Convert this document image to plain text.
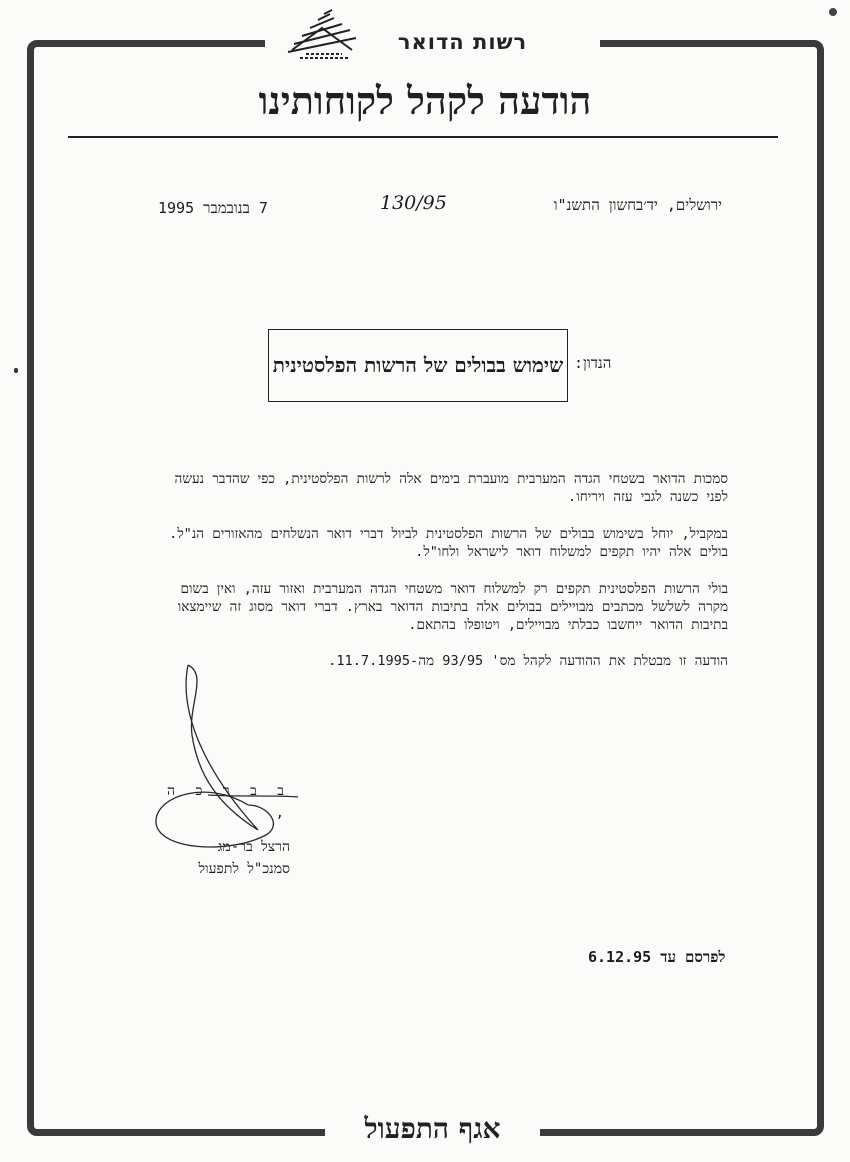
רשות הדואר
הודעה לקהל לקוחותינו
ירושלים, יד׳בחשון התשנ"ו
130/95
7 בנובמבר 1995
הנדון:
שימוש בבולים של הרשות הפלסטינית

סמכות הדואר בשטחי הגדה המערבית מועברת בימים אלה לרשות הפלסטינית, כפי שהדבר נעשה לפני כשנה לגבי עזה ויריחו.

במקביל, יוחל בשימוש בבולים של הרשות הפלסטינית לביול דברי דואר הנשלחים מהאזורים הנ"ל. בולים אלה יהיו תקפים למשלוח דואר לישראל ולחו"ל.

בולי הרשות הפלסטינית תקפים רק למשלוח דואר משטחי הגדה המערבית ואזור עזה, ואין בשום מקרה לשלשל מכתבים מבויילים בבולים אלה בתיבות הדואר בארץ. דברי דואר מסוג זה שיימצאו בתיבות הדואר ייחשבו כבלתי מבויילים, ויטופלו בהתאם.

הודעה זו מבטלת את ההודעה לקהל מס' 93/95 מה-11.7.1995.

ב ב ר כ ה ,
הרצל בר-מג
סמנכ"ל לתפעול
לפרסם עד 6.12.95
אגף התפעול
